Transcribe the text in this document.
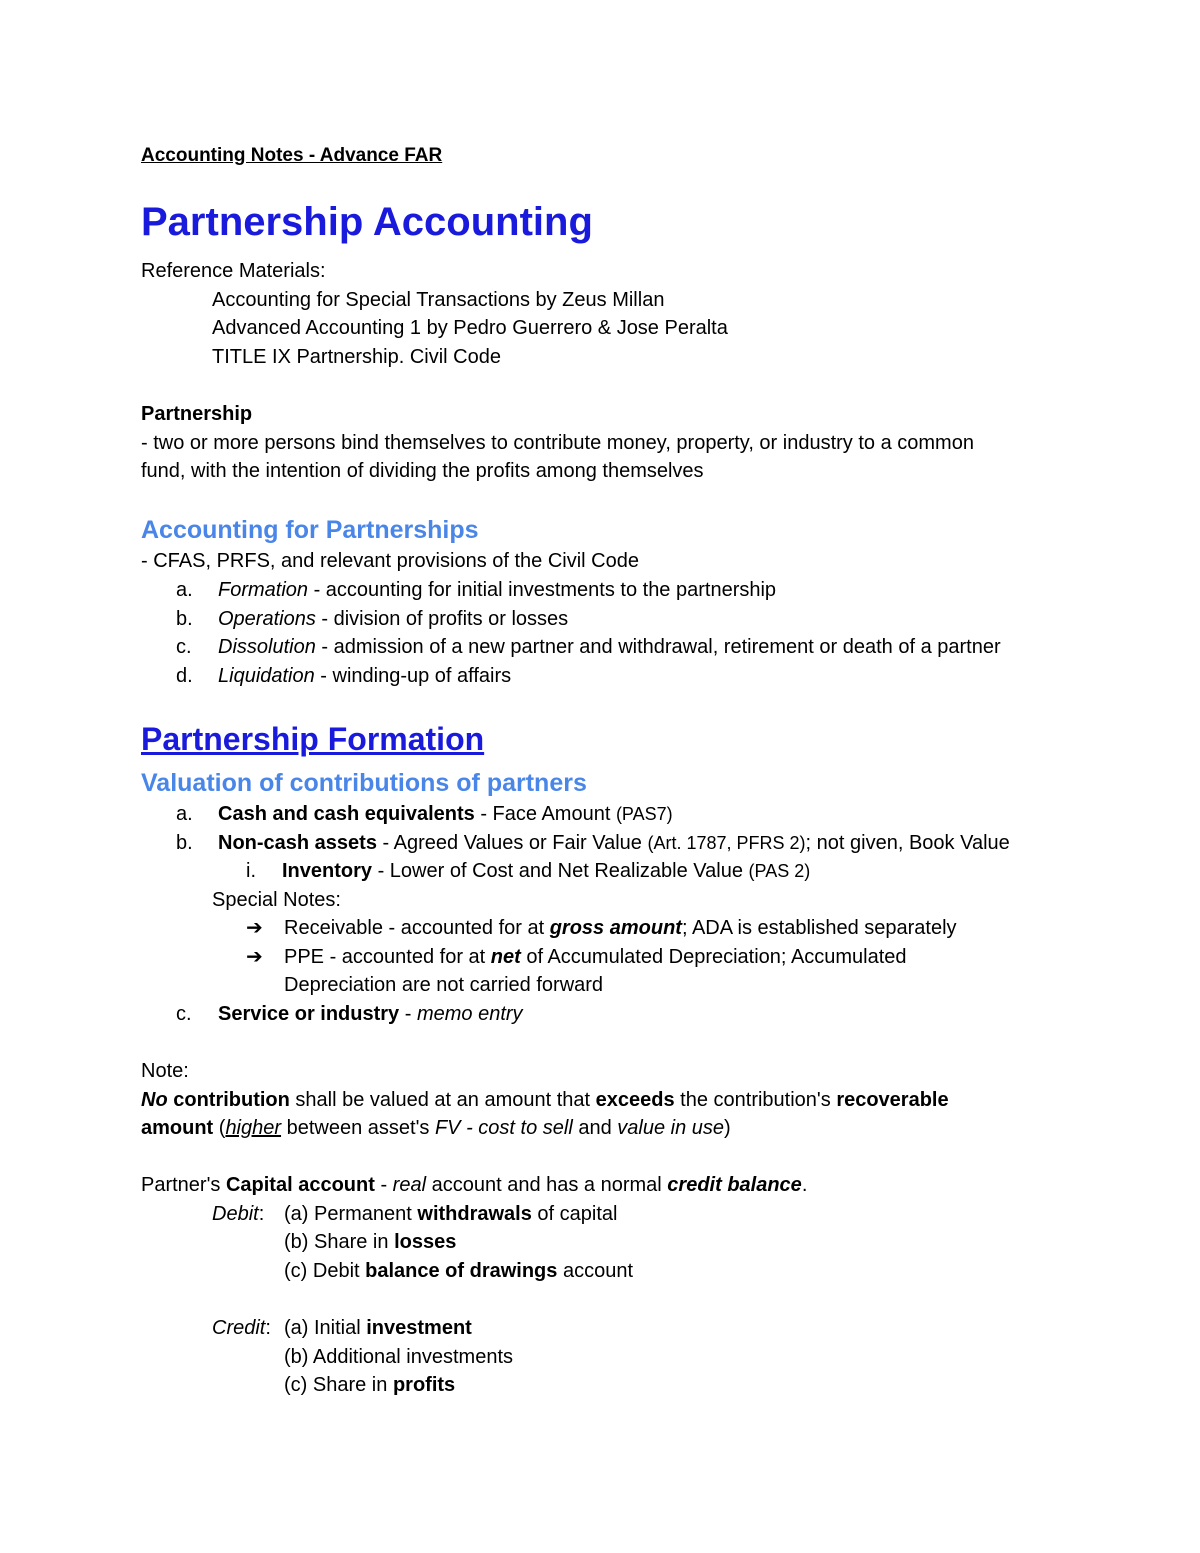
Accounting Notes - Advance FAR
Partnership Accounting
Reference Materials:
Accounting for Special Transactions by Zeus Millan
Advanced Accounting 1 by Pedro Guerrero & Jose Peralta
TITLE IX Partnership. Civil Code
Partnership
- two or more persons bind themselves to contribute money, property, or industry to a common
fund, with the intention of dividing the profits among themselves
Accounting for Partnerships
- CFAS, PRFS, and relevant provisions of the Civil Code
a. Formation - accounting for initial investments to the partnership
b. Operations - division of profits or losses
c. Dissolution - admission of a new partner and withdrawal, retirement or death of a partner
d. Liquidation - winding-up of affairs
Partnership Formation
Valuation of contributions of partners
a. Cash and cash equivalents - Face Amount (PAS7)
b. Non-cash assets - Agreed Values or Fair Value (Art. 1787, PFRS 2); not given, Book Value
i. Inventory - Lower of Cost and Net Realizable Value (PAS 2)
Special Notes:
➔ Receivable - accounted for at gross amount; ADA is established separately
➔ PPE - accounted for at net of Accumulated Depreciation; Accumulated
Depreciation are not carried forward
c. Service or industry - memo entry
Note:
No contribution shall be valued at an amount that exceeds the contribution's recoverable
amount (higher between asset's FV - cost to sell and value in use)
Partner's Capital account - real account and has a normal credit balance.
Debit: (a) Permanent withdrawals of capital
(b) Share in losses
(c) Debit balance of drawings account
Credit: (a) Initial investment
(b) Additional investments
(c) Share in profits
